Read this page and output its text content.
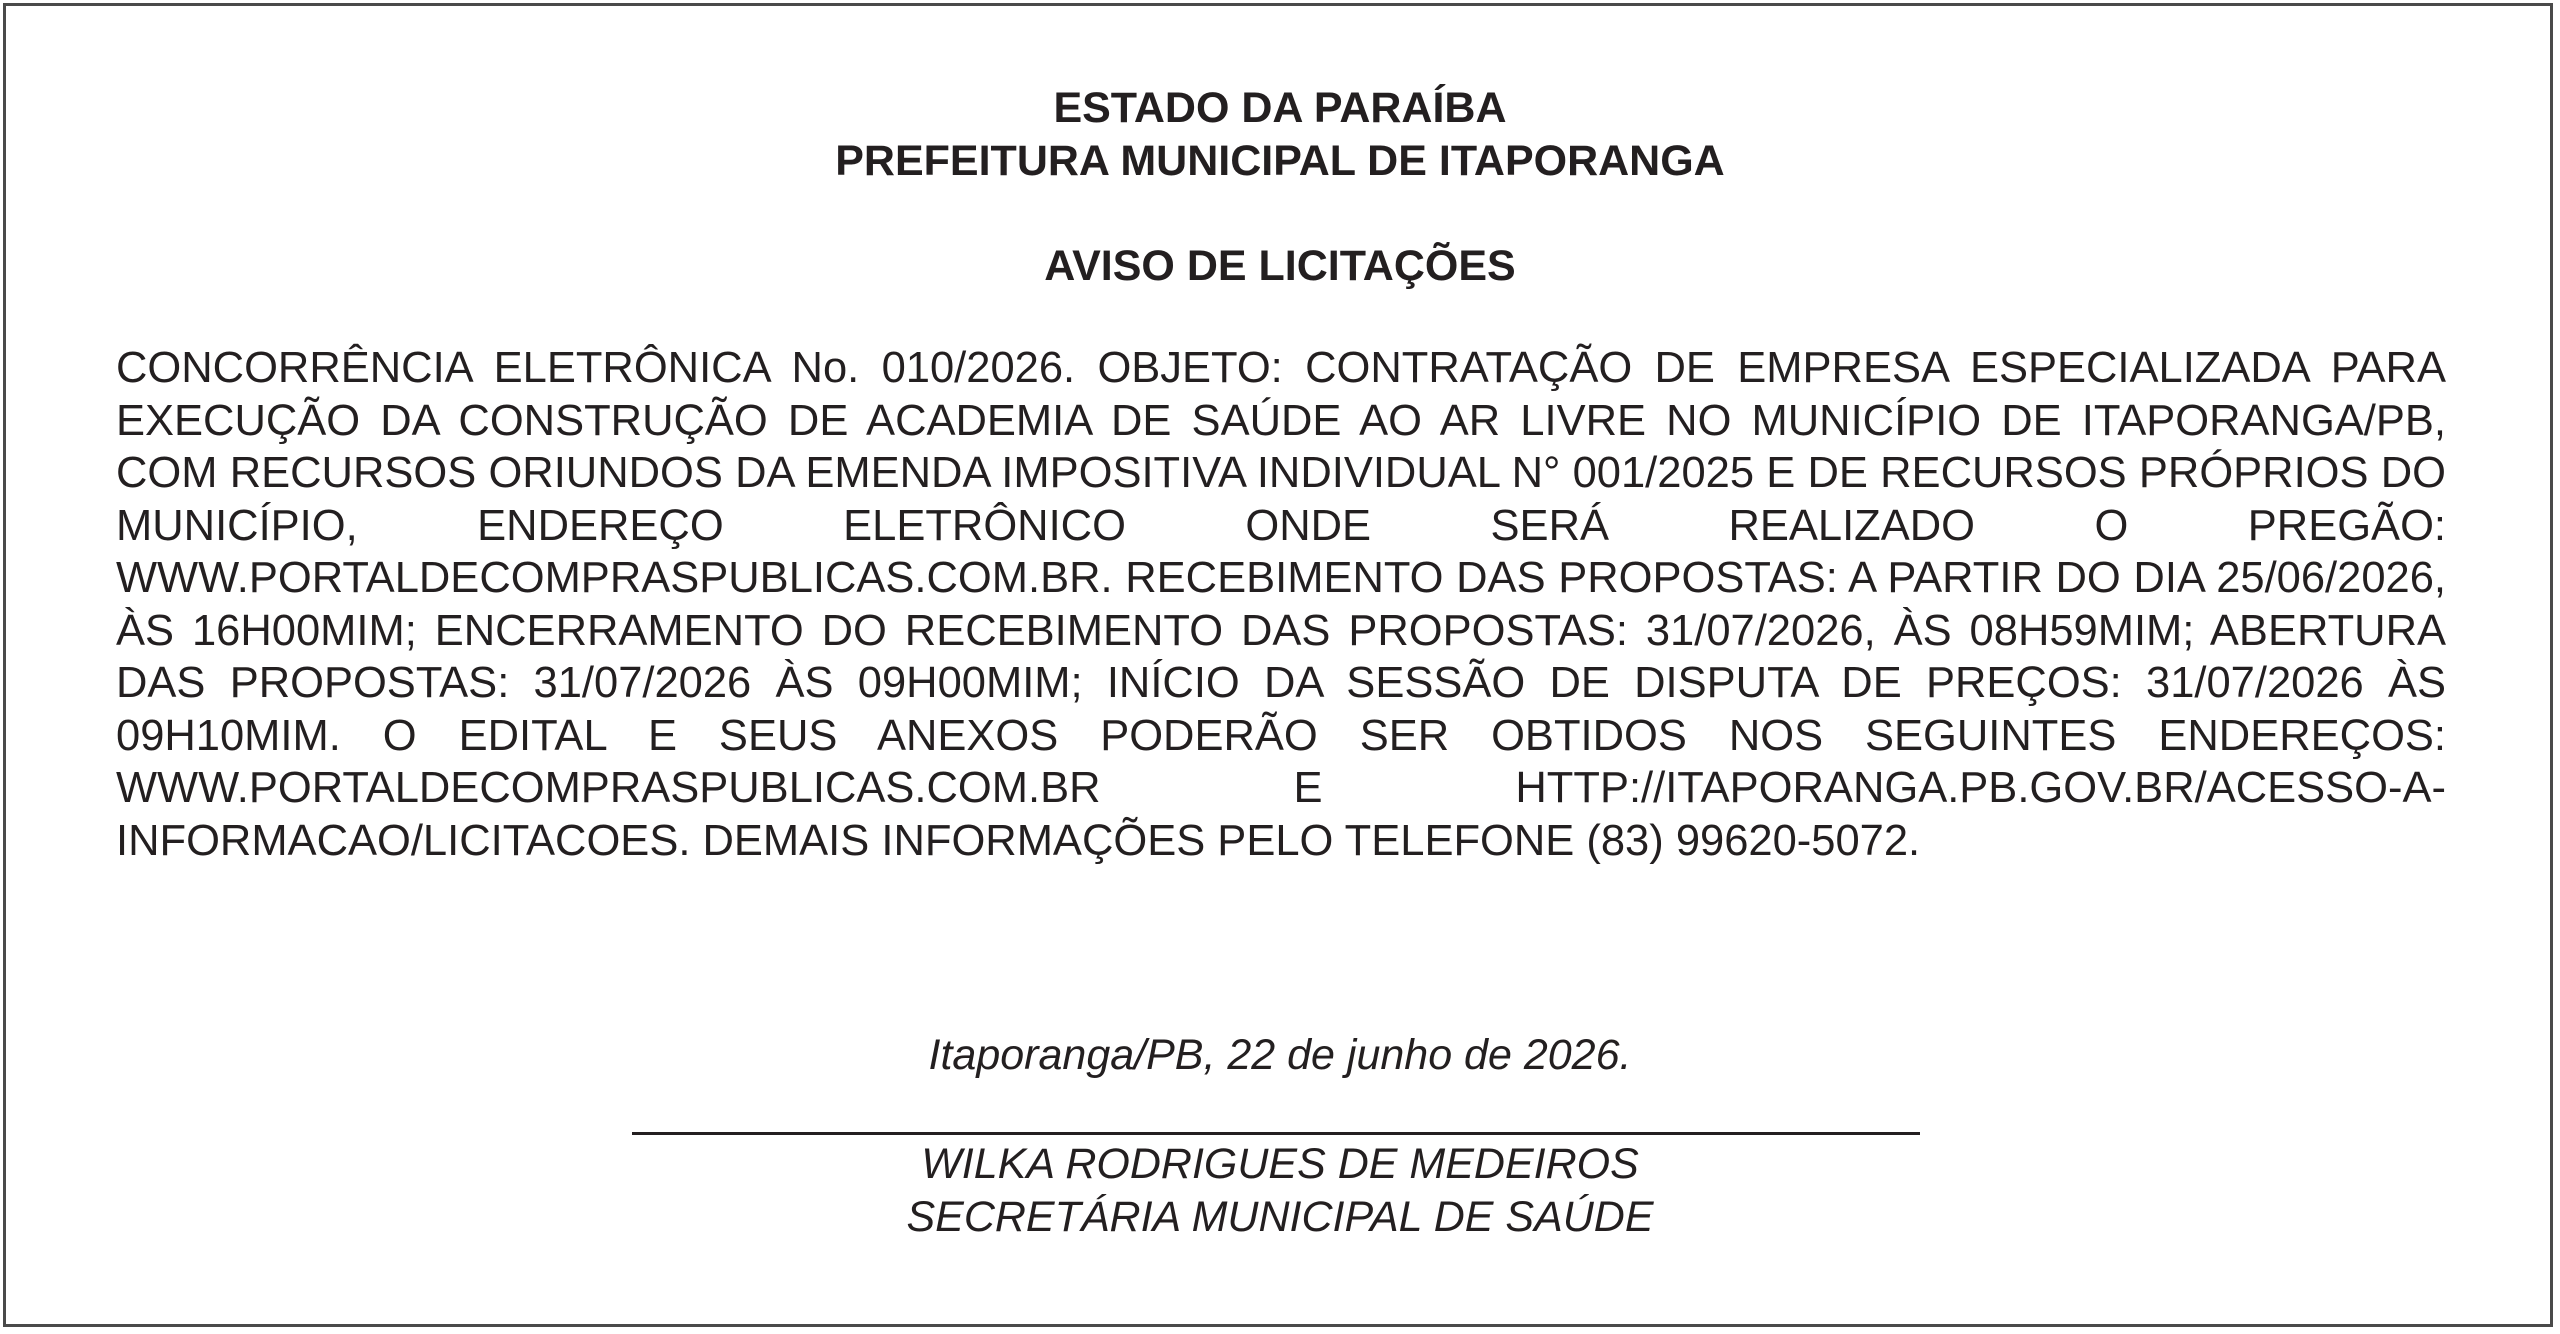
ESTADO DA PARAÍBA
PREFEITURA MUNICIPAL DE ITAPORANGA
AVISO DE LICITAÇÕES

CONCORRÊNCIA ELETRÔNICA No. 010/2026. OBJETO: CONTRATAÇÃO DE EMPRESA ESPECIALIZADA PARA EXECUÇÃO DA CONSTRUÇÃO DE ACADEMIA DE SAÚDE AO AR LIVRE NO MUNICÍPIO DE ITAPORANGA/PB, COM RECURSOS ORIUNDOS DA EMENDA IMPOSITIVA INDIVIDUAL N° 001/2025 E DE RECURSOS PRÓPRIOS DO MUNICÍPIO, ENDEREÇO ELETRÔNICO ONDE SERÁ REALIZADO O PREGÃO: WWW.PORTALDECOMPRASPUBLICAS.COM.BR. RECEBIMENTO DAS PROPOSTAS: A PARTIR DO DIA 25/06/2026, ÀS 16H00MIM; ENCERRAMENTO DO RECEBIMENTO DAS PROPOSTAS: 31/07/2026, ÀS 08H59MIM; ABERTURA DAS PROPOSTAS: 31/07/2026 ÀS 09H00MIM; INÍCIO DA SESSÃO DE DISPUTA DE PREÇOS: 31/07/2026 ÀS 09H10MIM. O EDITAL E SEUS ANEXOS PODERÃO SER OBTIDOS NOS SEGUINTES ENDEREÇOS: WWW.PORTALDECOMPRASPUBLICAS.COM.BR E HTTP://ITAPORANGA.PB.GOV.BR/ACESSO-A-INFORMACAO/LICITACOES. DEMAIS INFORMAÇÕES PELO TELEFONE (83) 99620-5072.

Itaporanga/PB, 22 de junho de 2026.
WILKA RODRIGUES DE MEDEIROS
SECRETÁRIA MUNICIPAL DE SAÚDE
